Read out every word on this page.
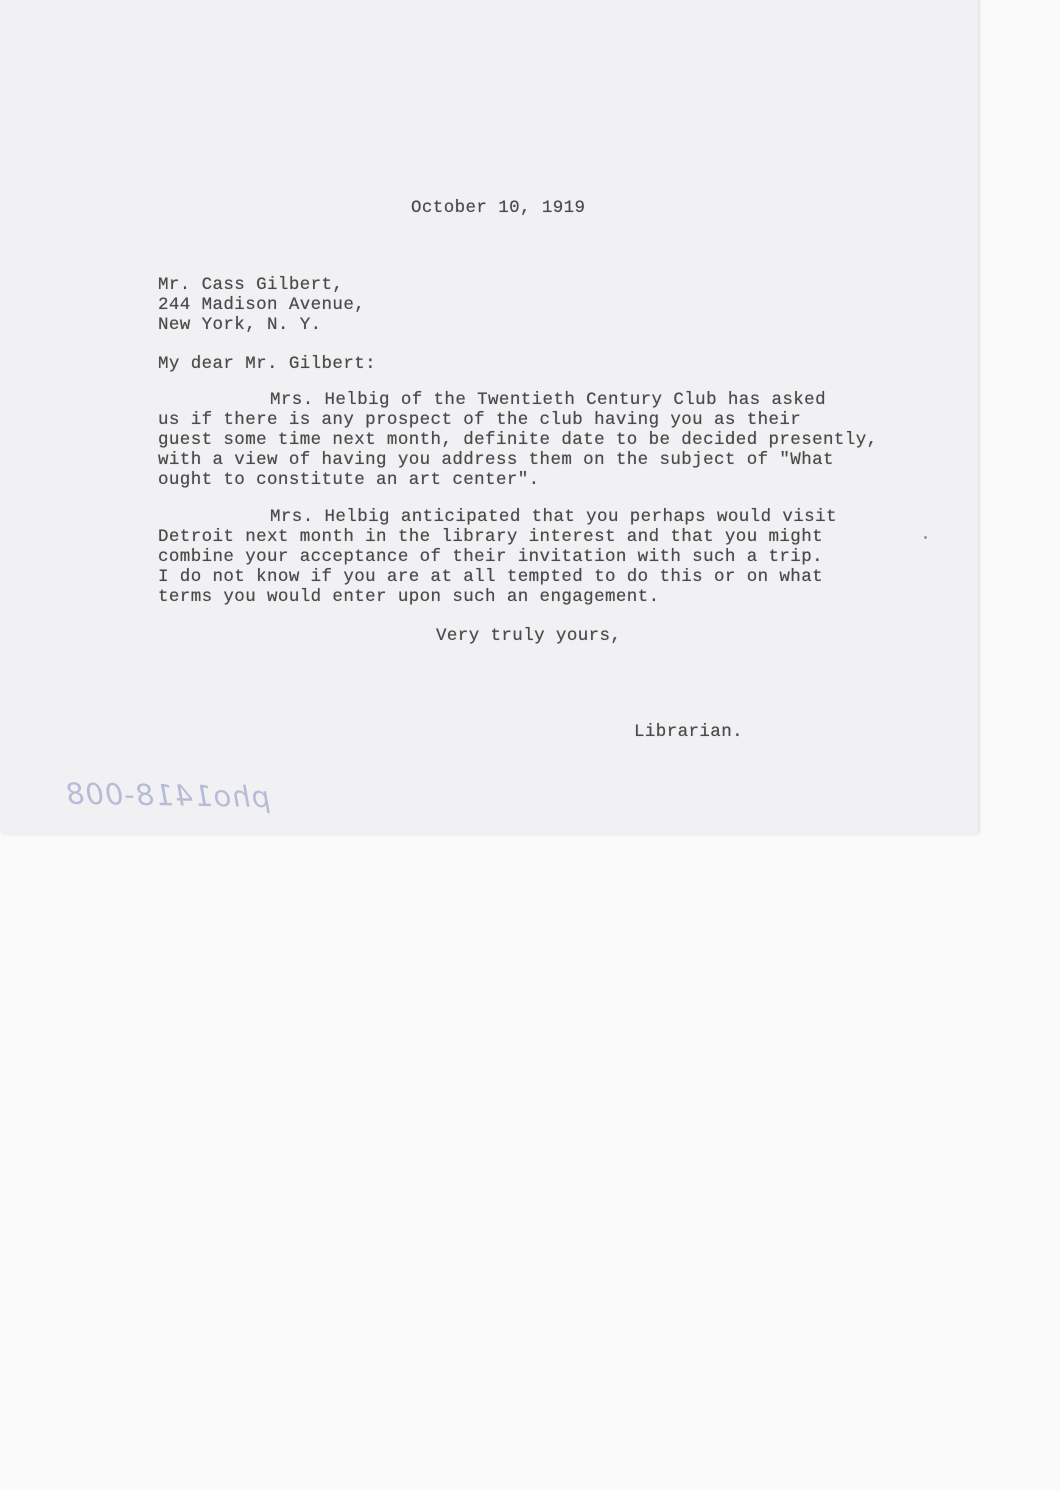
October 10, 1919
Mr. Cass Gilbert,
244 Madison Avenue,
New York, N. Y.
My dear Mr. Gilbert:
Mrs. Helbig of the Twentieth Century Club has asked
us if there is any prospect of the club having you as their
guest some time next month, definite date to be decided presently,
with a view of having you address them on the subject of "What
ought to constitute an art center".
Mrs. Helbig anticipated that you perhaps would visit
Detroit next month in the library interest and that you might
combine your acceptance of their invitation with such a trip.
I do not know if you are at all tempted to do this or on what
terms you would enter upon such an engagement.
Very truly yours,
Librarian.
pho1418-008
